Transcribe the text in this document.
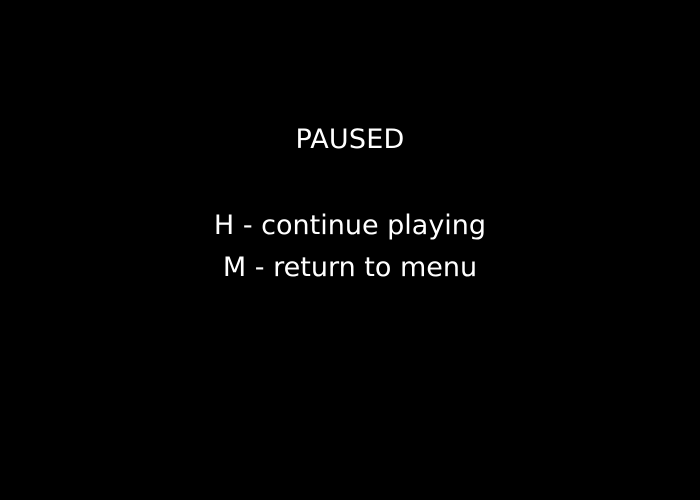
PAUSED
H - continue playing
M - return to menu
